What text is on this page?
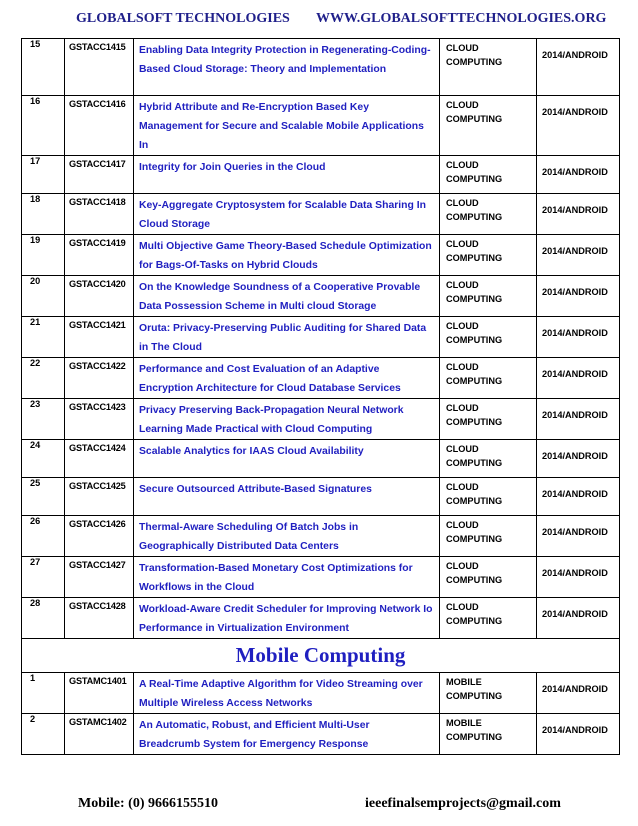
GLOBALSOFT TECHNOLOGIES WWW.GLOBALSOFTTECHNOLOGIES.ORG
15	GSTACC1415	Enabling Data Integrity Protection in Regenerating-Coding-Based Cloud Storage: Theory and Implementation	CLOUD COMPUTING	2014/ANDROID
16	GSTACC1416	Hybrid Attribute and Re-Encryption Based Key Management for Secure and Scalable Mobile Applications In	CLOUD COMPUTING	2014/ANDROID
17	GSTACC1417	Integrity for Join Queries in the Cloud	CLOUD COMPUTING	2014/ANDROID
18	GSTACC1418	Key-Aggregate Cryptosystem for Scalable Data Sharing In Cloud Storage	CLOUD COMPUTING	2014/ANDROID
19	GSTACC1419	Multi Objective Game Theory-Based Schedule Optimization for Bags-Of-Tasks on Hybrid Clouds	CLOUD COMPUTING	2014/ANDROID
20	GSTACC1420	On the Knowledge Soundness of a Cooperative Provable Data Possession Scheme in Multi cloud Storage	CLOUD COMPUTING	2014/ANDROID
21	GSTACC1421	Oruta: Privacy-Preserving Public Auditing for Shared Data in The Cloud	CLOUD COMPUTING	2014/ANDROID
22	GSTACC1422	Performance and Cost Evaluation of an Adaptive Encryption Architecture for Cloud Database Services	CLOUD COMPUTING	2014/ANDROID
23	GSTACC1423	Privacy Preserving Back-Propagation Neural Network Learning Made Practical with Cloud Computing	CLOUD COMPUTING	2014/ANDROID
24	GSTACC1424	Scalable Analytics for IAAS Cloud Availability	CLOUD COMPUTING	2014/ANDROID
25	GSTACC1425	Secure Outsourced Attribute-Based Signatures	CLOUD COMPUTING	2014/ANDROID
26	GSTACC1426	Thermal-Aware Scheduling Of Batch Jobs in Geographically Distributed Data Centers	CLOUD COMPUTING	2014/ANDROID
27	GSTACC1427	Transformation-Based Monetary Cost Optimizations for Workflows in the Cloud	CLOUD COMPUTING	2014/ANDROID
28	GSTACC1428	Workload-Aware Credit Scheduler for Improving Network Io Performance in Virtualization Environment	CLOUD COMPUTING	2014/ANDROID
Mobile Computing				
1	GSTAMC1401	A Real-Time Adaptive Algorithm for Video Streaming over Multiple Wireless Access Networks	MOBILE COMPUTING	2014/ANDROID
2	GSTAMC1402	An Automatic, Robust, and Efficient Multi-User Breadcrumb System for Emergency Response	MOBILE COMPUTING	2014/ANDROID
Mobile: (0) 9666155510	ieeefinalsemprojects@gmail.com
